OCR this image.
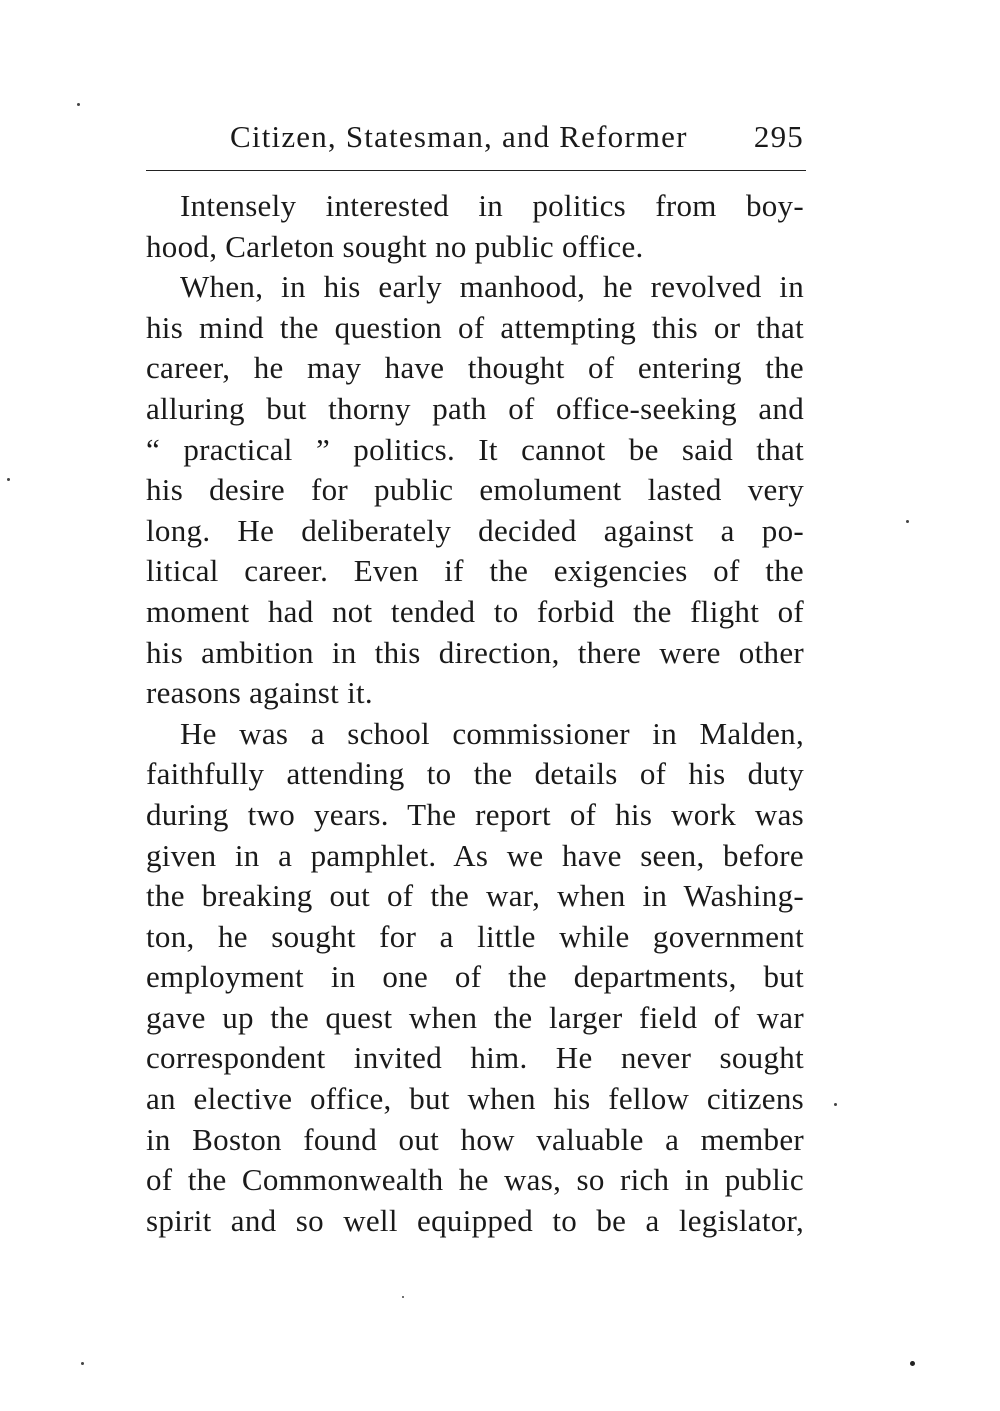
Citizen, Statesman, and Reformer 295
Intensely interested in politics from boy-
hood, Carleton sought no public office.
When, in his early manhood, he revolved in
his mind the question of attempting this or that
career, he may have thought of entering the
alluring but thorny path of office-seeking and
“ practical ” politics. It cannot be said that
his desire for public emolument lasted very
long. He deliberately decided against a po-
litical career. Even if the exigencies of the
moment had not tended to forbid the flight of
his ambition in this direction, there were other
reasons against it.
He was a school commissioner in Malden,
faithfully attending to the details of his duty
during two years. The report of his work was
given in a pamphlet. As we have seen, before
the breaking out of the war, when in Washing-
ton, he sought for a little while government
employment in one of the departments, but
gave up the quest when the larger field of war
correspondent invited him. He never sought
an elective office, but when his fellow citizens
in Boston found out how valuable a member
of the Commonwealth he was, so rich in public
spirit and so well equipped to be a legislator,
